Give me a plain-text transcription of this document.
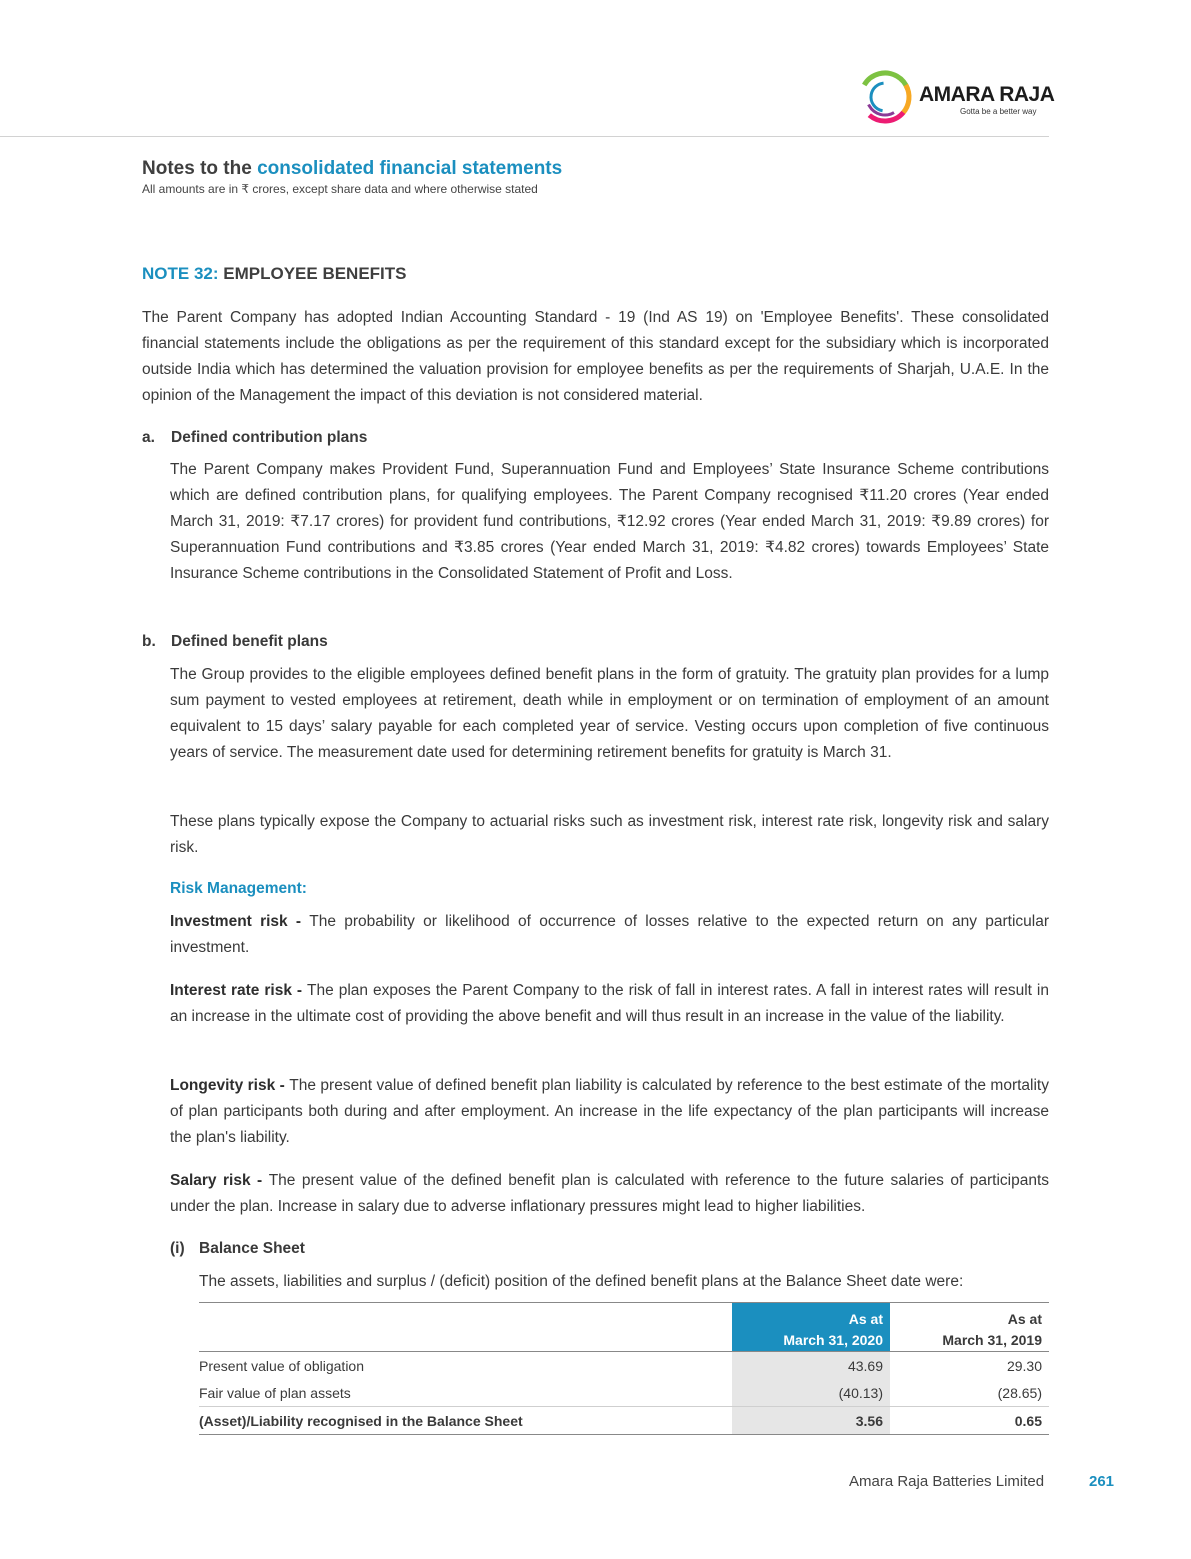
AMARA RAJA
Gotta be a better way
Notes to the consolidated financial statements
All amounts are in ₹ crores, except share data and where otherwise stated
NOTE 32: EMPLOYEE BENEFITS

The Parent Company has adopted Indian Accounting Standard - 19 (Ind AS 19) on 'Employee Benefits'. These consolidated financial statements include the obligations as per the requirement of this standard except for the subsidiary which is incorporated outside India which has determined the valuation provision for employee benefits as per the requirements of Sharjah, U.A.E. In the opinion of the Management the impact of this deviation is not considered material.

a. Defined contribution plans

The Parent Company makes Provident Fund, Superannuation Fund and Employees’ State Insurance Scheme contributions which are defined contribution plans, for qualifying employees. The Parent Company recognised ₹11.20 crores (Year ended March 31, 2019: ₹7.17 crores) for provident fund contributions, ₹12.92 crores (Year ended March 31, 2019: ₹9.89 crores) for Superannuation Fund contributions and ₹3.85 crores (Year ended March 31, 2019: ₹4.82 crores) towards Employees’ State Insurance Scheme contributions in the Consolidated Statement of Profit and Loss.

b. Defined benefit plans

The Group provides to the eligible employees defined benefit plans in the form of gratuity. The gratuity plan provides for a lump sum payment to vested employees at retirement, death while in employment or on termination of employment of an amount equivalent to 15 days’ salary payable for each completed year of service. Vesting occurs upon completion of five continuous years of service. The measurement date used for determining retirement benefits for gratuity is March 31.

These plans typically expose the Company to actuarial risks such as investment risk, interest rate risk, longevity risk and salary risk.

Risk Management:

Investment risk - The probability or likelihood of occurrence of losses relative to the expected return on any particular investment.

Interest rate risk - The plan exposes the Parent Company to the risk of fall in interest rates. A fall in interest rates will result in an increase in the ultimate cost of providing the above benefit and will thus result in an increase in the value of the liability.

Longevity risk - The present value of defined benefit plan liability is calculated by reference to the best estimate of the mortality of plan participants both during and after employment. An increase in the life expectancy of the plan participants will increase the plan's liability.

Salary risk - The present value of the defined benefit plan is calculated with reference to the future salaries of participants under the plan. Increase in salary due to adverse inflationary pressures might lead to higher liabilities.

(i) Balance Sheet

The assets, liabilities and surplus / (deficit) position of the defined benefit plans at the Balance Sheet date were:

	As at
March 31, 2020	As at
March 31, 2019
Present value of obligation	43.69	29.30
Fair value of plan assets	(40.13)	(28.65)
(Asset)/Liability recognised in the Balance Sheet	3.56	0.65
Amara Raja Batteries Limited	261
